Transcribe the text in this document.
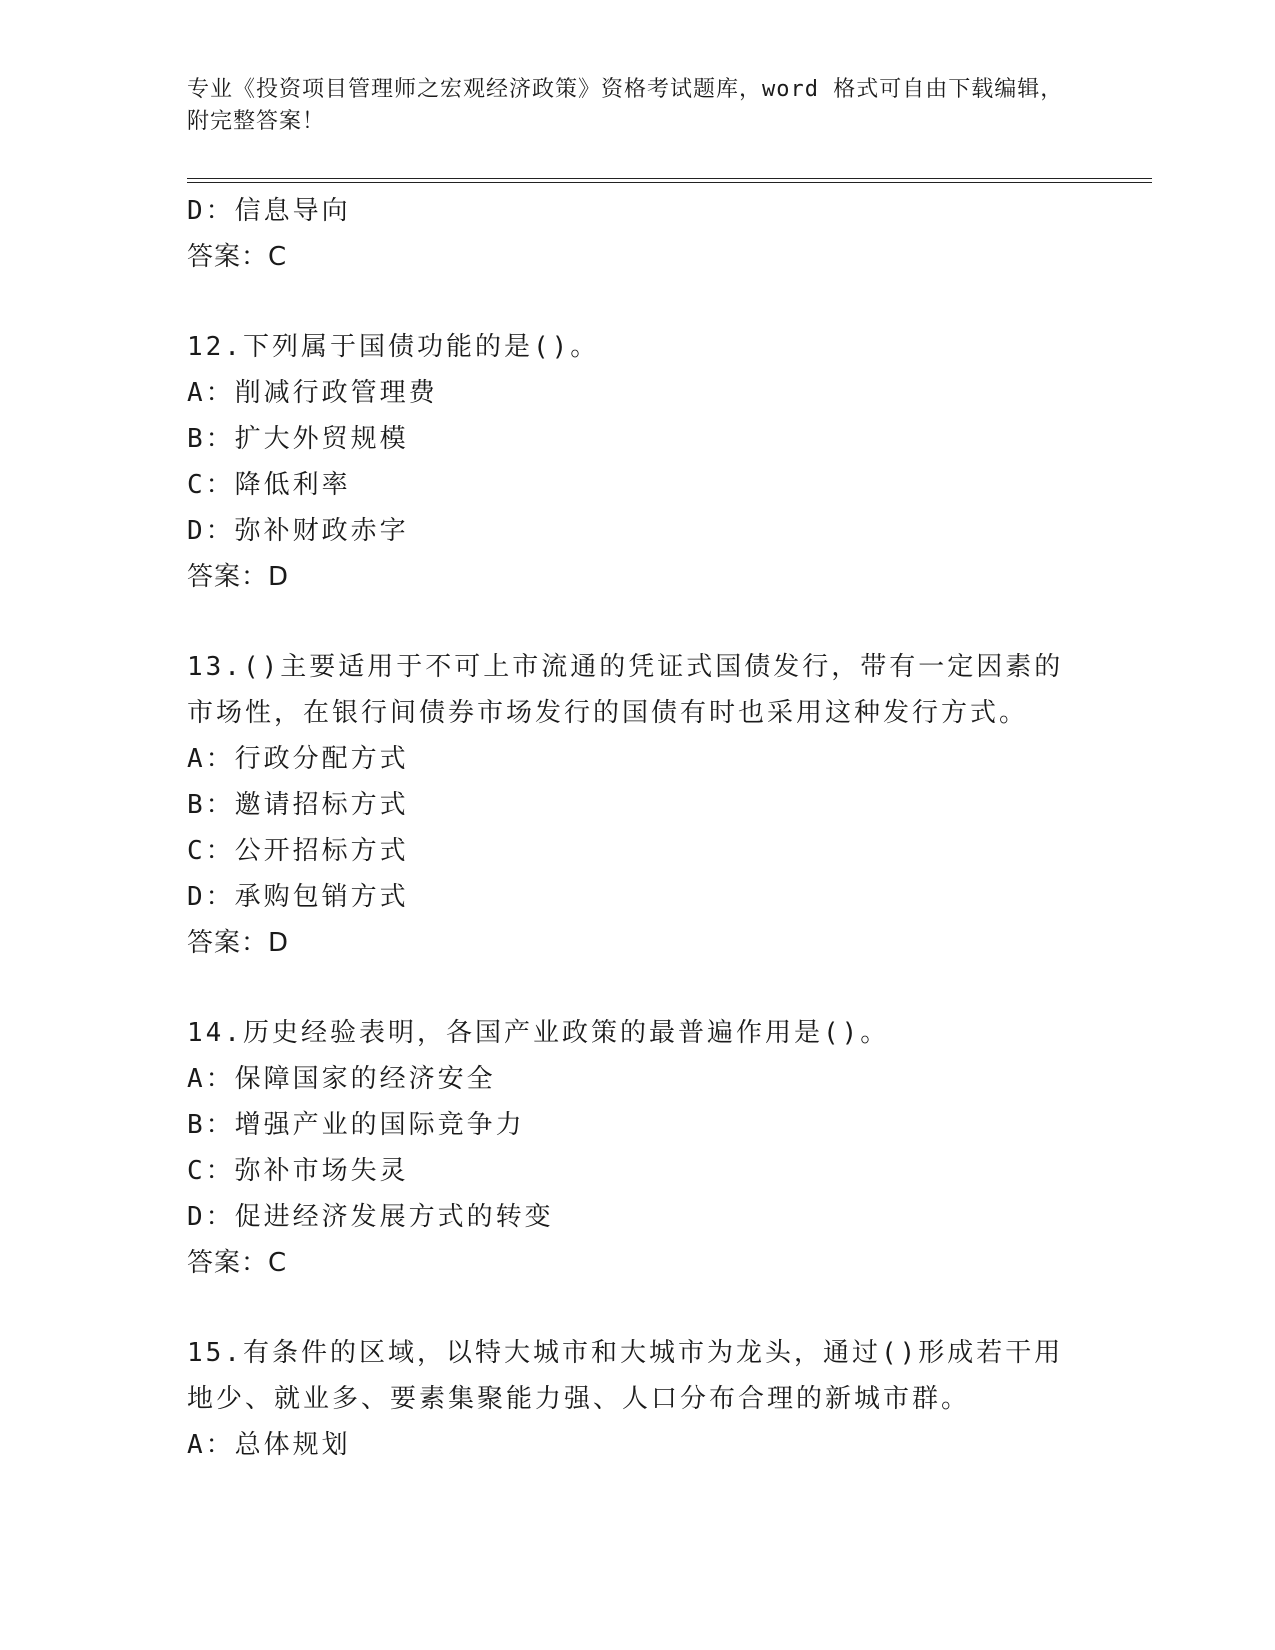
专业《投资项目管理师之宏观经济政策》资格考试题库，word 格式可自由下载编辑，附完整答案！
D：信息导向
答案：C
12.下列属于国债功能的是()。
A：削减行政管理费
B：扩大外贸规模
C：降低利率
D：弥补财政赤字
答案：D
13.()主要适用于不可上市流通的凭证式国债发行，带有一定因素的市场性，在银行间债券市场发行的国债有时也采用这种发行方式。
A：行政分配方式
B：邀请招标方式
C：公开招标方式
D：承购包销方式
答案：D
14.历史经验表明，各国产业政策的最普遍作用是()。
A：保障国家的经济安全
B：增强产业的国际竞争力
C：弥补市场失灵
D：促进经济发展方式的转变
答案：C
15.有条件的区域，以特大城市和大城市为龙头，通过()形成若干用地少、就业多、要素集聚能力强、人口分布合理的新城市群。
A：总体规划
